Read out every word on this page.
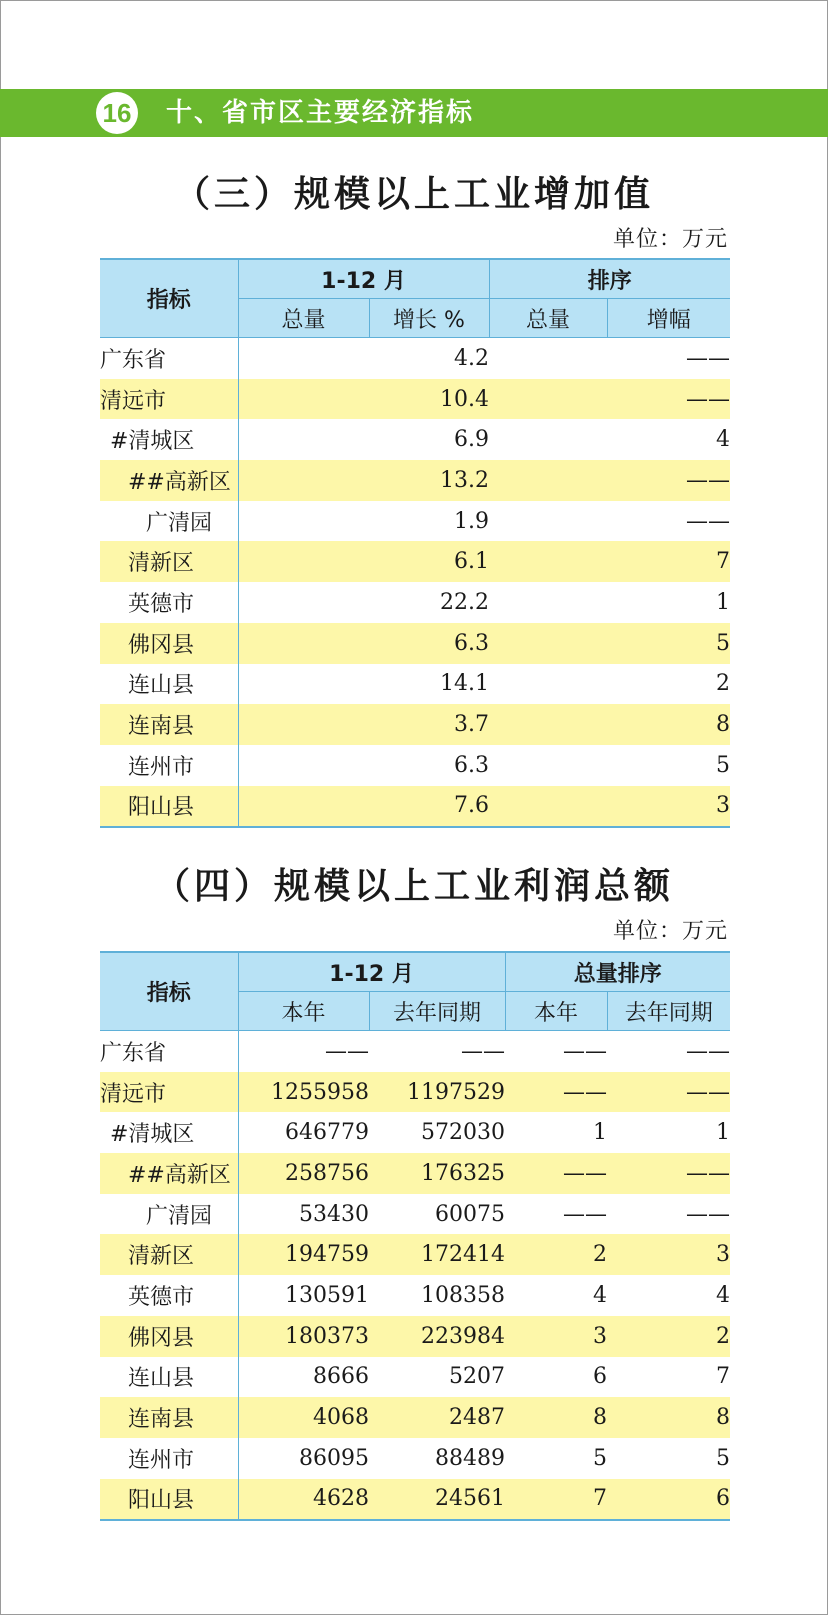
16 十、省市区主要经济指标
（三）规模以上工业增加值
单位：万元
指标	1-12 月		排序	
	总量	增长 %	总量	增幅
广东省		4.2		——
清远市		10.4		——
#清城区		6.9		4
##高新区		13.2		——
广清园		1.9		——
清新区		6.1		7
英德市		22.2		1
佛冈县		6.3		5
连山县		14.1		2
连南县		3.7		8
连州市		6.3		5
阳山县		7.6		3
（四）规模以上工业利润总额
单位：万元
指标	1-12 月		总量排序	
	本年	去年同期	本年	去年同期
广东省	——	——	——	——
清远市	1255958	1197529	——	——
#清城区	646779	572030	1	1
##高新区	258756	176325	——	——
广清园	53430	60075	——	——
清新区	194759	172414	2	3
英德市	130591	108358	4	4
佛冈县	180373	223984	3	2
连山县	8666	5207	6	7
连南县	4068	2487	8	8
连州市	86095	88489	5	5
阳山县	4628	24561	7	6
